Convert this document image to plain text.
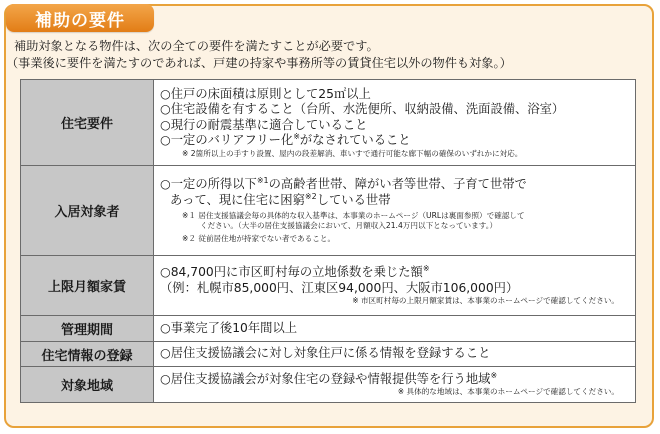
補助の要件
補助対象となる物件は、次の全ての要件を満たすことが必要です。
（事業後に要件を満たすのであれば、戸建の持家や事務所等の賃貸住宅以外の物件も対象。）
住宅要件	○住戸の床面積は原則として25㎡以上
○住宅設備を有すること（台所、水洗便所、収納設備、洗面設備、浴室）
○現行の耐震基準に適合していること
○一定のバリアフリー化※がなされていること
※ 2箇所以上の手すり設置、屋内の段差解消、車いすで通行可能な廊下幅の確保のいずれかに対応。

入居対象者	○一定の所得以下$^{※1}$の高齢者世帯、障がい者等世帯、子育て世帯で
あって、現に住宅に困窮$^{※2}$している世帯
※１ 居住支援協議会毎の具体的な収入基準は、本事業のホームページ（URLは裏面参照）で確認して
ください。（大半の居住支援協議会において、月額収入21.4万円以下となっています。）
※２ 従前居住地が持家でない者であること。

上限月額家賃	○84,700円に市区町村毎の立地係数を乗じた額※
（例：札幌市85,000円、江東区94,000円、大阪市106,000円）
※ 市区町村毎の上限月額家賃は、本事業のホームページで確認してください。

管理期間	○事業完了後10年間以上

住宅情報の登録	○居住支援協議会に対し対象住戸に係る情報を登録すること

対象地域	○居住支援協議会が対象住宅の登録や情報提供等を行う地域※
※ 具体的な地域は、本事業のホームページで確認してください。
